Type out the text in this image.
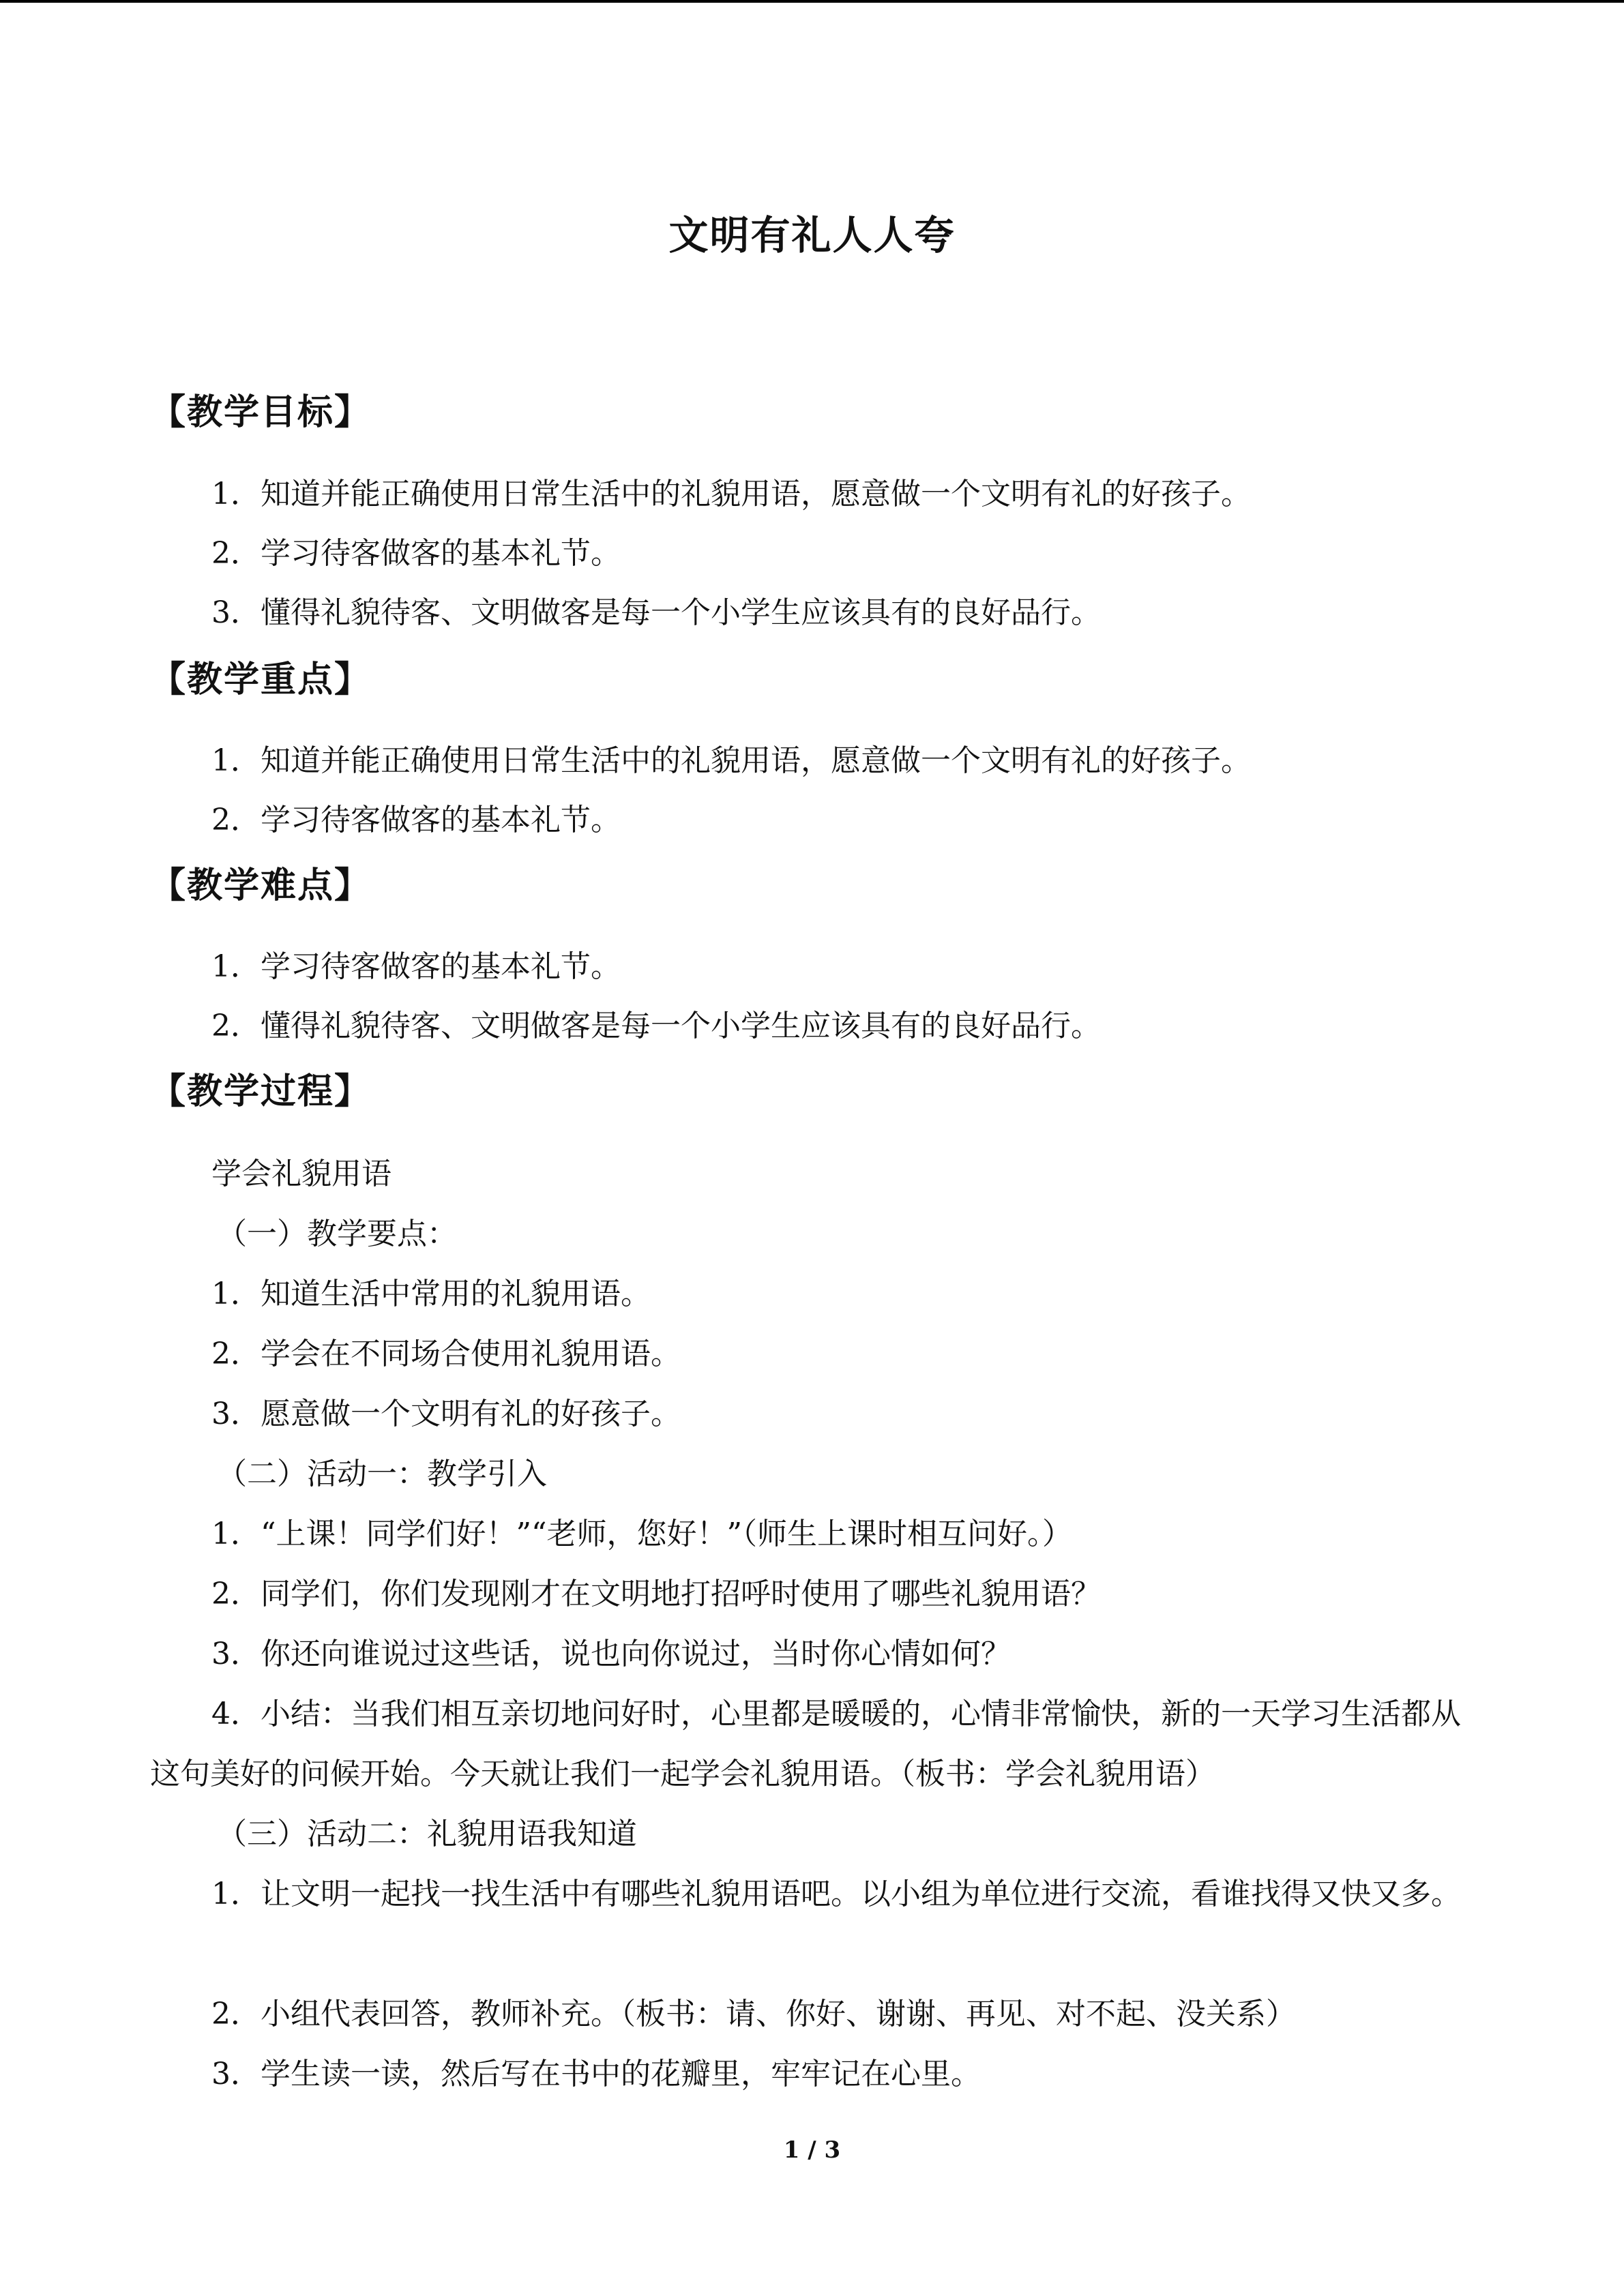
文明有礼人人夸
【教学目标】
1．知道并能正确使用日常生活中的礼貌用语，愿意做一个文明有礼的好孩子。
2．学习待客做客的基本礼节。
3．懂得礼貌待客、文明做客是每一个小学生应该具有的良好品行。
【教学重点】
1．知道并能正确使用日常生活中的礼貌用语，愿意做一个文明有礼的好孩子。
2．学习待客做客的基本礼节。
【教学难点】
1．学习待客做客的基本礼节。
2．懂得礼貌待客、文明做客是每一个小学生应该具有的良好品行。
【教学过程】
学会礼貌用语
（一）教学要点：
1．知道生活中常用的礼貌用语。
2．学会在不同场合使用礼貌用语。
3．愿意做一个文明有礼的好孩子。
（二）活动一：教学引入
1．“上课！同学们好！”“老师，您好！”（师生上课时相互问好。）
2．同学们，你们发现刚才在文明地打招呼时使用了哪些礼貌用语？
3．你还向谁说过这些话，说也向你说过，当时你心情如何？
4．小结：当我们相互亲切地问好时，心里都是暖暖的，心情非常愉快，新的一天学习生活都从这句美好的问候开始。今天就让我们一起学会礼貌用语。（板书：学会礼貌用语）
（三）活动二：礼貌用语我知道
1．让文明一起找一找生活中有哪些礼貌用语吧。以小组为单位进行交流，看谁找得又快又多。
2．小组代表回答，教师补充。（板书：请、你好、谢谢、再见、对不起、没关系）
3．学生读一读，然后写在书中的花瓣里，牢牢记在心里。
1 / 3
